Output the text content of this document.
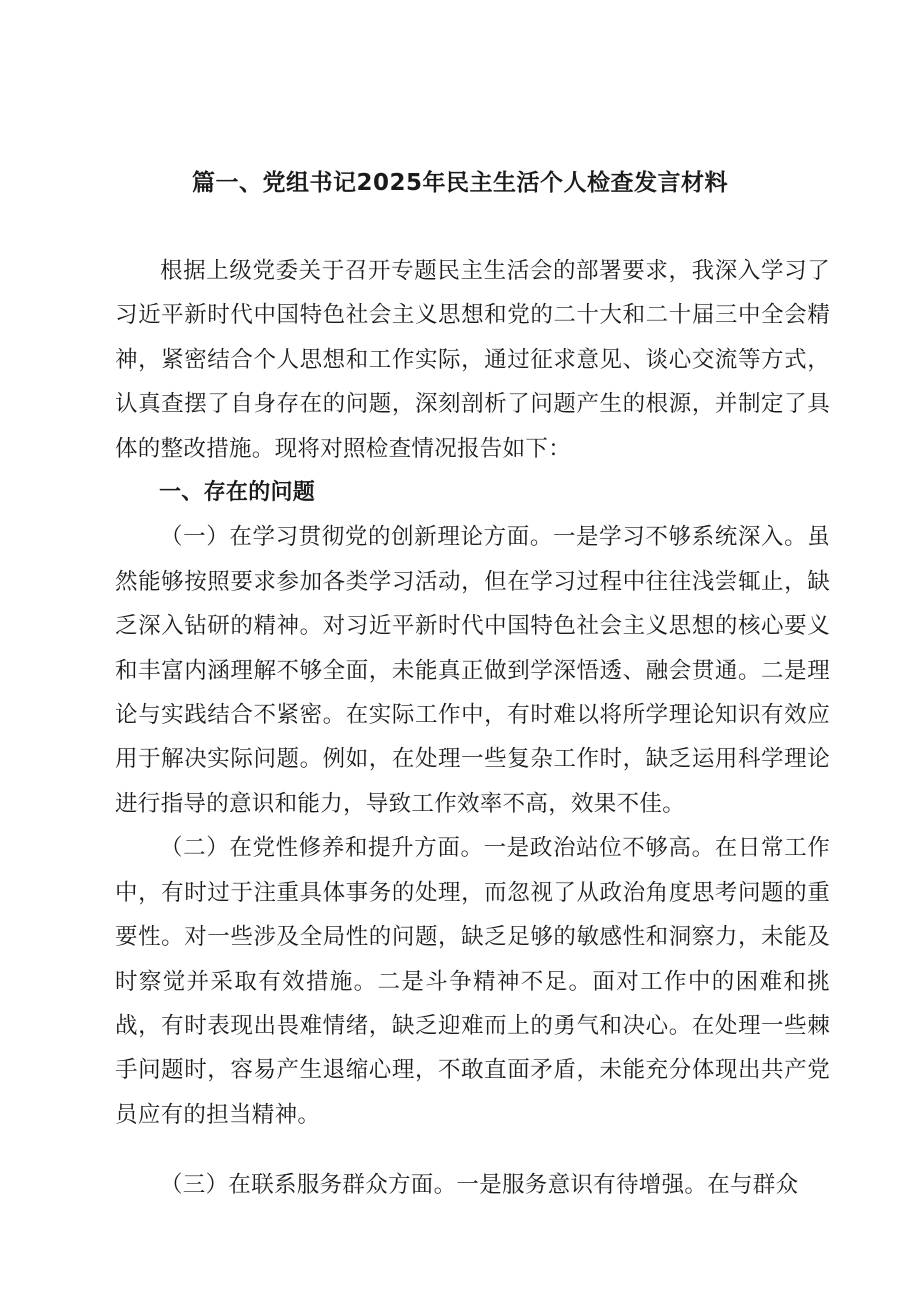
篇一、党组书记2025年民主生活个人检查发言材料

根据上级党委关于召开专题民主生活会的部署要求，我深入学习了习近平新时代中国特色社会主义思想和党的二十大和二十届三中全会精神，紧密结合个人思想和工作实际，通过征求意见、谈心交流等方式，认真查摆了自身存在的问题，深刻剖析了问题产生的根源，并制定了具体的整改措施。现将对照检查情况报告如下：

一、存在的问题

（一）在学习贯彻党的创新理论方面。一是学习不够系统深入。虽然能够按照要求参加各类学习活动，但在学习过程中往往浅尝辄止，缺乏深入钻研的精神。对习近平新时代中国特色社会主义思想的核心要义和丰富内涵理解不够全面，未能真正做到学深悟透、融会贯通。二是理论与实践结合不紧密。在实际工作中，有时难以将所学理论知识有效应用于解决实际问题。例如，在处理一些复杂工作时，缺乏运用科学理论进行指导的意识和能力，导致工作效率不高，效果不佳。

（二）在党性修养和提升方面。一是政治站位不够高。在日常工作中，有时过于注重具体事务的处理，而忽视了从政治角度思考问题的重要性。对一些涉及全局性的问题，缺乏足够的敏感性和洞察力，未能及时察觉并采取有效措施。二是斗争精神不足。面对工作中的困难和挑战，有时表现出畏难情绪，缺乏迎难而上的勇气和决心。在处理一些棘手问题时，容易产生退缩心理，不敢直面矛盾，未能充分体现出共产党员应有的担当精神。

（三）在联系服务群众方面。一是服务意识有待增强。在与群众
